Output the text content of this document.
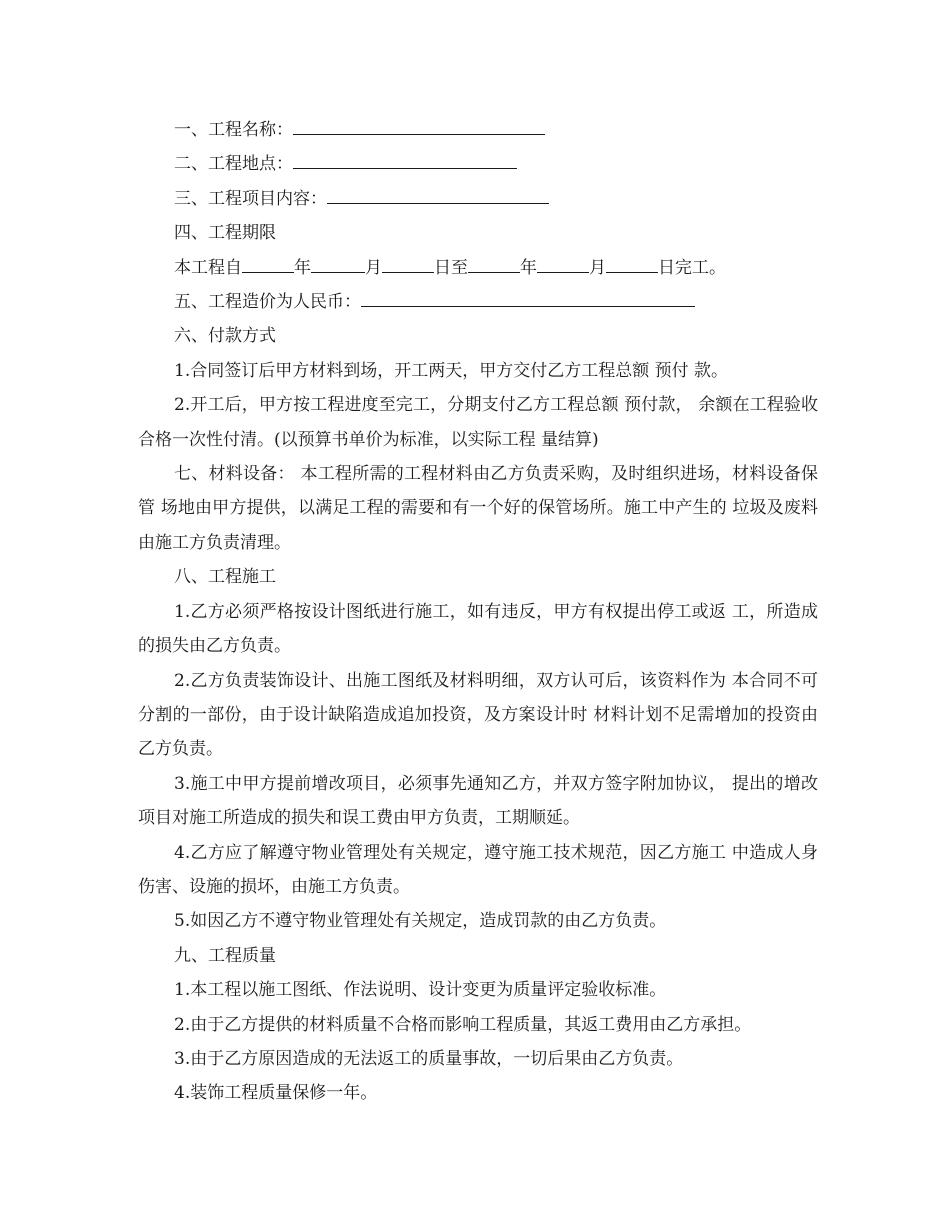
一、工程名称：

二、工程地点：

三、工程项目内容：

四、工程期限

本工程自	年	月	日至	年	月	日完工。

五、工程造价为人民币：

六、付款方式

1.合同签订后甲方材料到场，开工两天，甲方交付乙方工程总额 预付 款。

2.开工后，甲方按工程进度至完工，分期支付乙方工程总额 预付款， 余额在工程验收合格一次性付清。(以预算书单价为标准，以实际工程 量结算)

七、材料设备： 本工程所需的工程材料由乙方负责采购，及时组织进场，材料设备保管 场地由甲方提供，以满足工程的需要和有一个好的保管场所。施工中产生的 垃圾及废料由施工方负责清理。

八、工程施工

1.乙方必须严格按设计图纸进行施工，如有违反，甲方有权提出停工或返 工，所造成的损失由乙方负责。

2.乙方负责装饰设计、出施工图纸及材料明细，双方认可后，该资料作为 本合同不可分割的一部份，由于设计缺陷造成追加投资，及方案设计时 材料计划不足需增加的投资由乙方负责。

3.施工中甲方提前增改项目，必须事先通知乙方，并双方签字附加协议， 提出的增改项目对施工所造成的损失和误工费由甲方负责，工期顺延。

4.乙方应了解遵守物业管理处有关规定，遵守施工技术规范，因乙方施工 中造成人身伤害、设施的损坏，由施工方负责。

5.如因乙方不遵守物业管理处有关规定，造成罚款的由乙方负责。

九、工程质量

1.本工程以施工图纸、作法说明、设计变更为质量评定验收标准。

2.由于乙方提供的材料质量不合格而影响工程质量，其返工费用由乙方承担。

3.由于乙方原因造成的无法返工的质量事故，一切后果由乙方负责。

4.装饰工程质量保修一年。
